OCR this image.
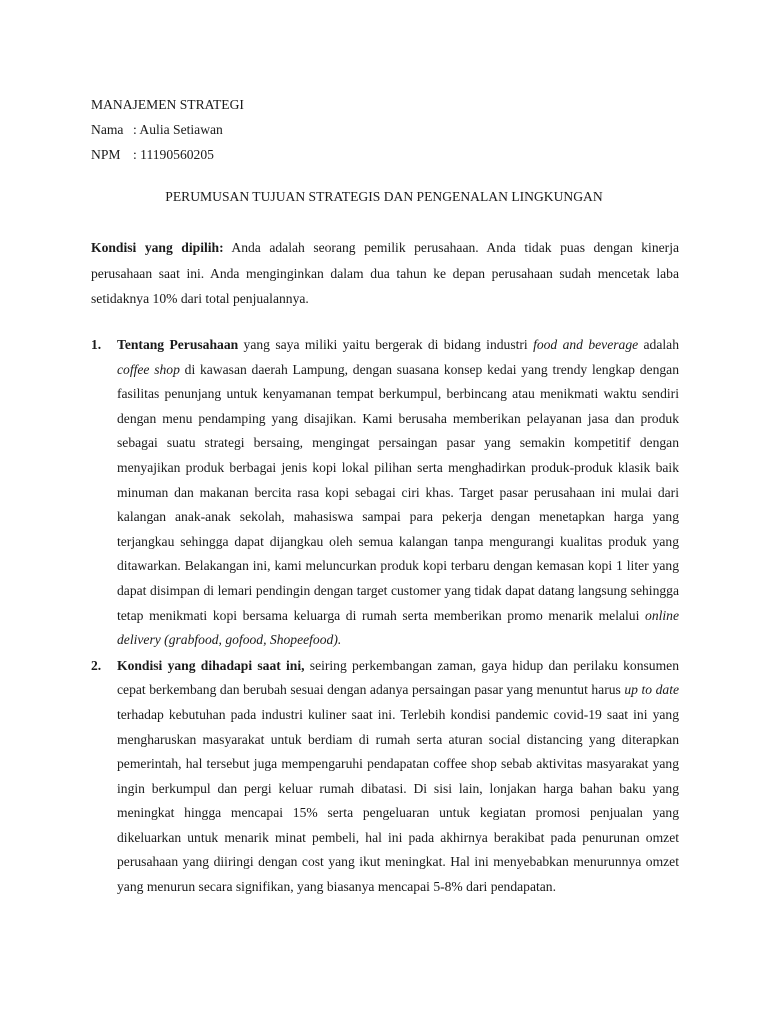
MANAJEMEN STRATEGI
Nama : Aulia Setiawan
NPM : 11190560205
PERUMUSAN TUJUAN STRATEGIS DAN PENGENALAN LINGKUNGAN
Kondisi yang dipilih: Anda adalah seorang pemilik perusahaan. Anda tidak puas dengan kinerja perusahaan saat ini. Anda menginginkan dalam dua tahun ke depan perusahaan sudah mencetak laba setidaknya 10% dari total penjualannya.
1.	Tentang Perusahaan yang saya miliki yaitu bergerak di bidang industri food and beverage adalah coffee shop di kawasan daerah Lampung, dengan suasana konsep kedai yang trendy lengkap dengan fasilitas penunjang untuk kenyamanan tempat berkumpul, berbincang atau menikmati waktu sendiri dengan menu pendamping yang disajikan. Kami berusaha memberikan pelayanan jasa dan produk sebagai suatu strategi bersaing, mengingat persaingan pasar yang semakin kompetitif dengan menyajikan produk berbagai jenis kopi lokal pilihan serta menghadirkan produk-produk klasik baik minuman dan makanan bercita rasa kopi sebagai ciri khas. Target pasar perusahaan ini mulai dari kalangan anak-anak sekolah, mahasiswa sampai para pekerja dengan menetapkan harga yang terjangkau sehingga dapat dijangkau oleh semua kalangan tanpa mengurangi kualitas produk yang ditawarkan. Belakangan ini, kami meluncurkan produk kopi terbaru dengan kemasan kopi 1 liter yang dapat disimpan di lemari pendingin dengan target customer yang tidak dapat datang langsung sehingga tetap menikmati kopi bersama keluarga di rumah serta memberikan promo menarik melalui online delivery (grabfood, gofood, Shopeefood).
2.	Kondisi yang dihadapi saat ini, seiring perkembangan zaman, gaya hidup dan perilaku konsumen cepat berkembang dan berubah sesuai dengan adanya persaingan pasar yang menuntut harus up to date terhadap kebutuhan pada industri kuliner saat ini. Terlebih kondisi pandemic covid-19 saat ini yang mengharuskan masyarakat untuk berdiam di rumah serta aturan social distancing yang diterapkan pemerintah, hal tersebut juga mempengaruhi pendapatan coffee shop sebab aktivitas masyarakat yang ingin berkumpul dan pergi keluar rumah dibatasi. Di sisi lain, lonjakan harga bahan baku yang meningkat hingga mencapai 15% serta pengeluaran untuk kegiatan promosi penjualan yang dikeluarkan untuk menarik minat pembeli, hal ini pada akhirnya berakibat pada penurunan omzet perusahaan yang diiringi dengan cost yang ikut meningkat. Hal ini menyebabkan menurunnya omzet yang menurun secara signifikan, yang biasanya mencapai 5-8% dari pendapatan.
